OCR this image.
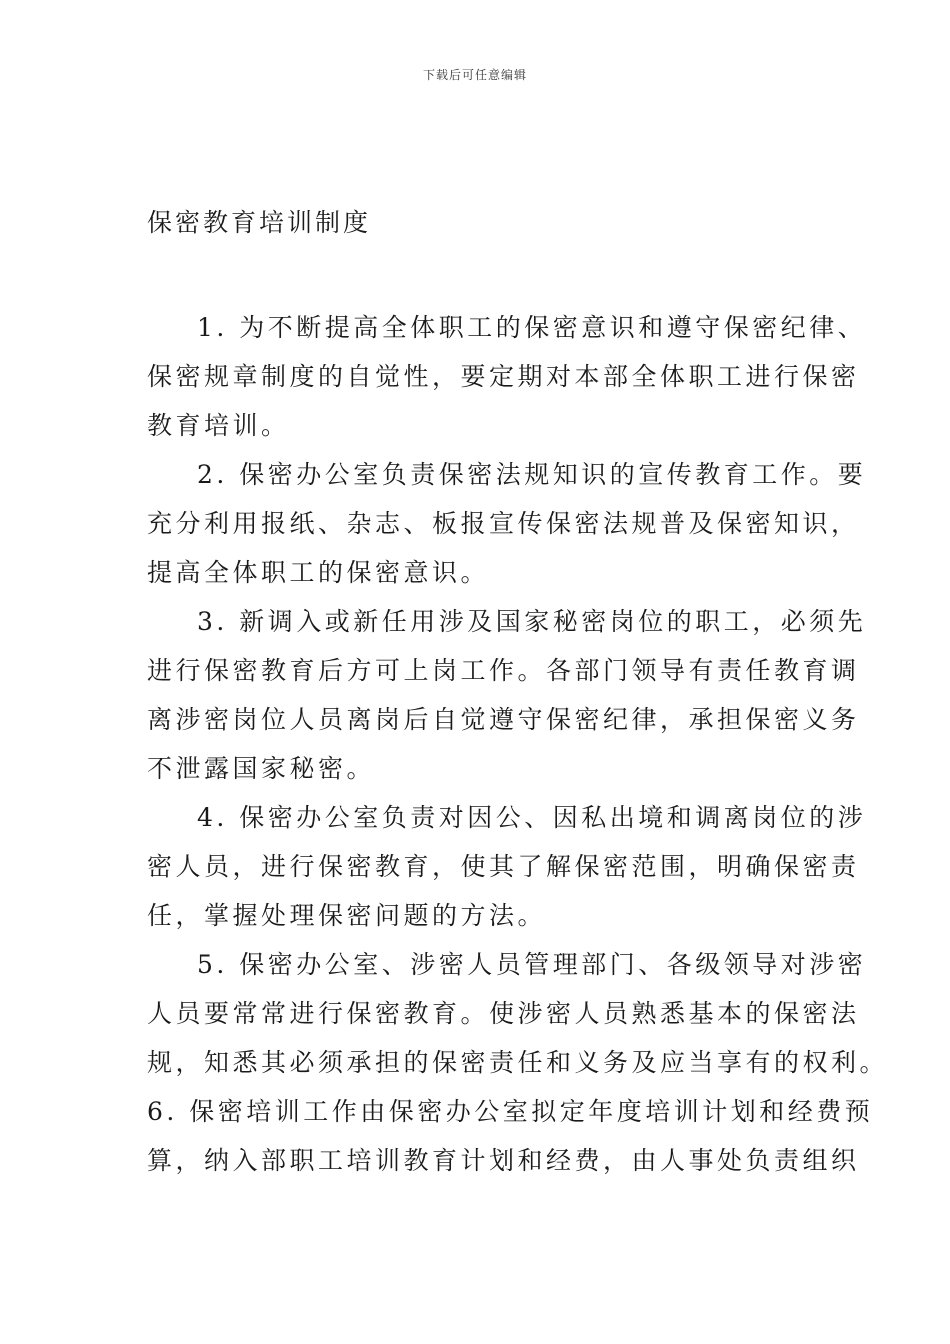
下载后可任意编辑
保密教育培训制度
1. 为不断提高全体职工的保密意识和遵守保密纪律、
保密规章制度的自觉性，要定期对本部全体职工进行保密
教育培训。
2. 保密办公室负责保密法规知识的宣传教育工作。要
充分利用报纸、杂志、板报宣传保密法规普及保密知识，
提高全体职工的保密意识。
3. 新调入或新任用涉及国家秘密岗位的职工，必须先
进行保密教育后方可上岗工作。各部门领导有责任教育调
离涉密岗位人员离岗后自觉遵守保密纪律，承担保密义务
不泄露国家秘密。
4. 保密办公室负责对因公、因私出境和调离岗位的涉
密人员，进行保密教育，使其了解保密范围，明确保密责
任，掌握处理保密问题的方法。
5. 保密办公室、涉密人员管理部门、各级领导对涉密
人员要常常进行保密教育。使涉密人员熟悉基本的保密法
规，知悉其必须承担的保密责任和义务及应当享有的权利。
6. 保密培训工作由保密办公室拟定年度培训计划和经费预
算，纳入部职工培训教育计划和经费，由人事处负责组织
